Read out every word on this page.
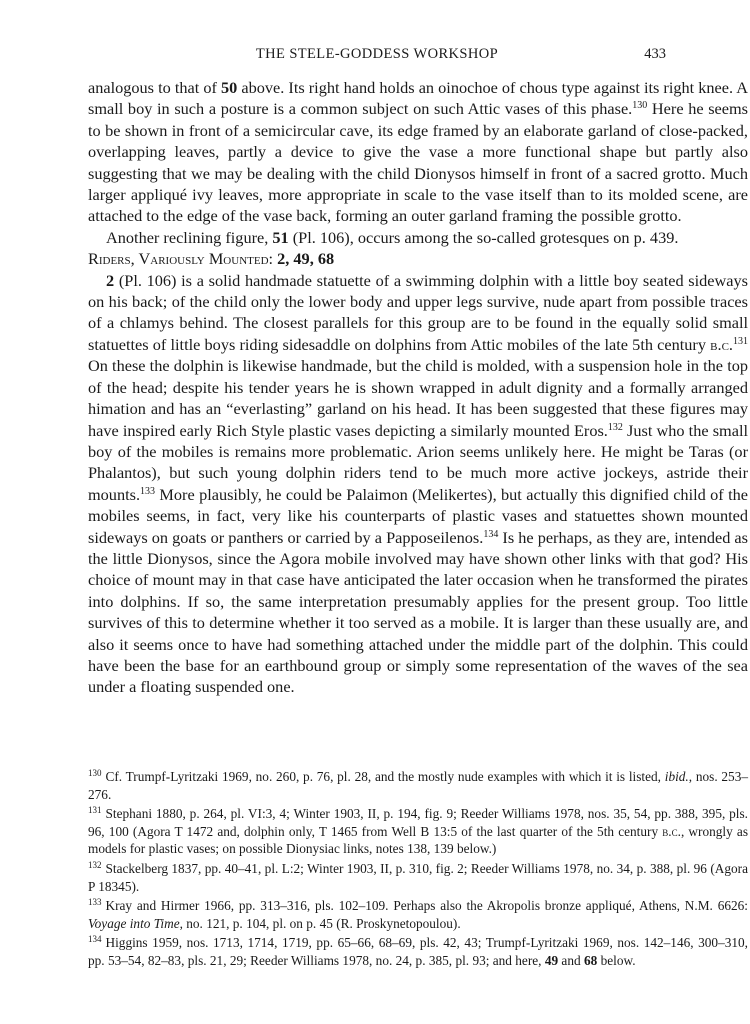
THE STELE-GODDESS WORKSHOP	433

analogous to that of 50 above. Its right hand holds an oinochoe of chous type against its right knee. A small boy in such a posture is a common subject on such Attic vases of this phase.$^{130}$ Here he seems to be shown in front of a semicircular cave, its edge framed by an elaborate garland of close-packed, overlapping leaves, partly a device to give the vase a more functional shape but partly also suggesting that we may be dealing with the child Dionysos himself in front of a sacred grotto. Much larger appliqué ivy leaves, more appropriate in scale to the vase itself than to its molded scene, are attached to the edge of the vase back, forming an outer garland framing the possible grotto.

Another reclining figure, 51 (Pl. 106), occurs among the so-called grotesques on p. 439.

Riders, Variously Mounted: 2, 49, 68

2 (Pl. 106) is a solid handmade statuette of a swimming dolphin with a little boy seated sideways on his back; of the child only the lower body and upper legs survive, nude apart from possible traces of a chlamys behind. The closest parallels for this group are to be found in the equally solid small statuettes of little boys riding sidesaddle on dolphins from Attic mobiles of the late 5th century b.c.$^{131}$ On these the dolphin is likewise handmade, but the child is molded, with a suspension hole in the top of the head; despite his tender years he is shown wrapped in adult dignity and a formally arranged himation and has an “everlasting” garland on his head. It has been suggested that these figures may have inspired early Rich Style plastic vases depicting a similarly mounted Eros.$^{132}$ Just who the small boy of the mobiles is remains more problematic. Arion seems unlikely here. He might be Taras (or Phalantos), but such young dolphin riders tend to be much more active jockeys, astride their mounts.$^{133}$ More plausibly, he could be Palaimon (Melikertes), but actually this dignified child of the mobiles seems, in fact, very like his counterparts of plastic vases and statuettes shown mounted sideways on goats or panthers or carried by a Papposeilenos.$^{134}$ Is he perhaps, as they are, intended as the little Dionysos, since the Agora mobile involved may have shown other links with that god? His choice of mount may in that case have anticipated the later occasion when he transformed the pirates into dolphins. If so, the same interpretation presumably applies for the present group. Too little survives of this to determine whether it too served as a mobile. It is larger than these usually are, and also it seems once to have had something attached under the middle part of the dolphin. This could have been the base for an earthbound group or simply some representation of the waves of the sea under a floating suspended one.

$^{130}$ Cf. Trumpf-Lyritzaki 1969, no. 260, p. 76, pl. 28, and the mostly nude examples with which it is listed, ibid., nos. 253–276.

$^{131}$ Stephani 1880, p. 264, pl. VI:3, 4; Winter 1903, II, p. 194, fig. 9; Reeder Williams 1978, nos. 35, 54, pp. 388, 395, pls. 96, 100 (Agora T 1472 and, dolphin only, T 1465 from Well B 13:5 of the last quarter of the 5th century b.c., wrongly as models for plastic vases; on possible Dionysiac links, notes 138, 139 below.)

$^{132}$ Stackelberg 1837, pp. 40–41, pl. L:2; Winter 1903, II, p. 310, fig. 2; Reeder Williams 1978, no. 34, p. 388, pl. 96 (Agora P 18345).

$^{133}$ Kray and Hirmer 1966, pp. 313–316, pls. 102–109. Perhaps also the Akropolis bronze appliqué, Athens, N.M. 6626: Voyage into Time, no. 121, p. 104, pl. on p. 45 (R. Proskynetopoulou).

$^{134}$ Higgins 1959, nos. 1713, 1714, 1719, pp. 65–66, 68–69, pls. 42, 43; Trumpf-Lyritzaki 1969, nos. 142–146, 300–310, pp. 53–54, 82–83, pls. 21, 29; Reeder Williams 1978, no. 24, p. 385, pl. 93; and here, 49 and 68 below.
